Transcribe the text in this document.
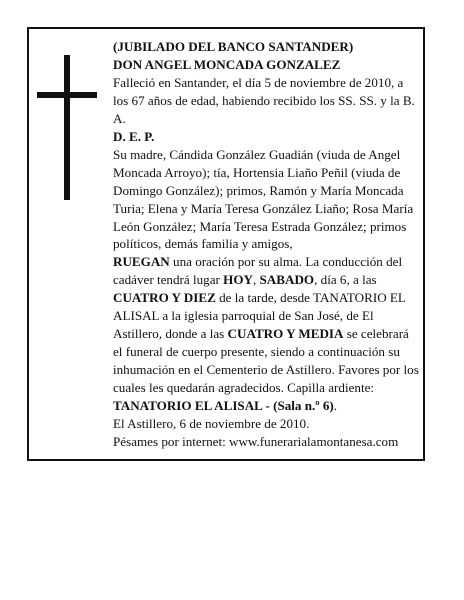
(JUBILADO DEL BANCO SANTANDER)

DON ANGEL MONCADA GONZALEZ

Falleció en Santander, el día 5 de noviembre de 2010, a los 67 años de edad, habiendo recibido los SS. SS. y la B. A.

D. E. P.

Su madre, Cándida González Guadián (viuda de Angel Moncada Arroyo); tía, Hortensia Liaño Peñil (viuda de Domingo González); primos, Ramón y María Moncada Turia; Elena y María Teresa González Liaño; Rosa María León González; María Teresa Estrada González; primos políticos, demás familia y amigos,

RUEGAN una oración por su alma. La conducción del cadáver tendrá lugar HOY, SABADO, día 6, a las CUATRO Y DIEZ de la tarde, desde TANATORIO EL ALISAL a la iglesia parroquial de San José, de El Astillero, donde a las CUATRO Y MEDIA se celebrará el funeral de cuerpo presente, siendo a continuación su inhumación en el Cementerio de Astillero. Favores por los cuales les quedarán agradecidos. Capilla ardiente: TANATORIO EL ALISAL - (Sala n.º 6).

El Astillero, 6 de noviembre de 2010.

Pésames por internet: www.funerarialamontanesa.com
